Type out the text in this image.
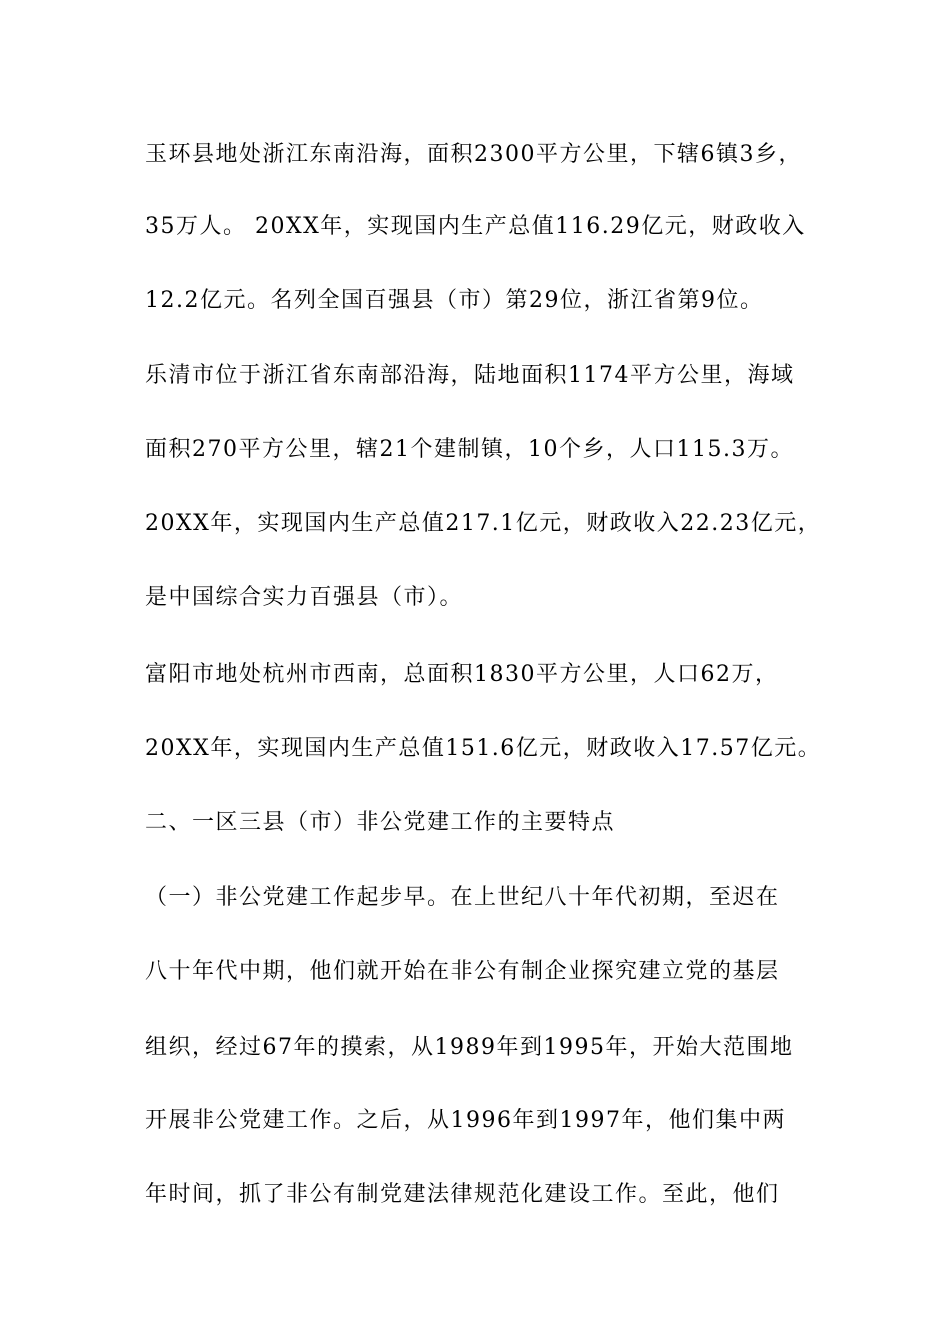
玉环县地处浙江东南沿海，面积2300平方公里，下辖6镇3乡，
35万人。 20XX年，实现国内生产总值116.29亿元，财政收入
12.2亿元。名列全国百强县（市）第29位，浙江省第9位。
乐清市位于浙江省东南部沿海，陆地面积1174平方公里，海域
面积270平方公里，辖21个建制镇，10个乡，人口115.3万。
20XX年，实现国内生产总值217.1亿元，财政收入22.23亿元，
是中国综合实力百强县（市）。
富阳市地处杭州市西南，总面积1830平方公里，人口62万，
20XX年，实现国内生产总值151.6亿元，财政收入17.57亿元。
二、一区三县（市）非公党建工作的主要特点
（一）非公党建工作起步早。在上世纪八十年代初期，至迟在
八十年代中期，他们就开始在非公有制企业探究建立党的基层
组织，经过67年的摸索，从1989年到1995年，开始大范围地
开展非公党建工作。之后，从1996年到1997年，他们集中两
年时间，抓了非公有制党建法律规范化建设工作。至此，他们
